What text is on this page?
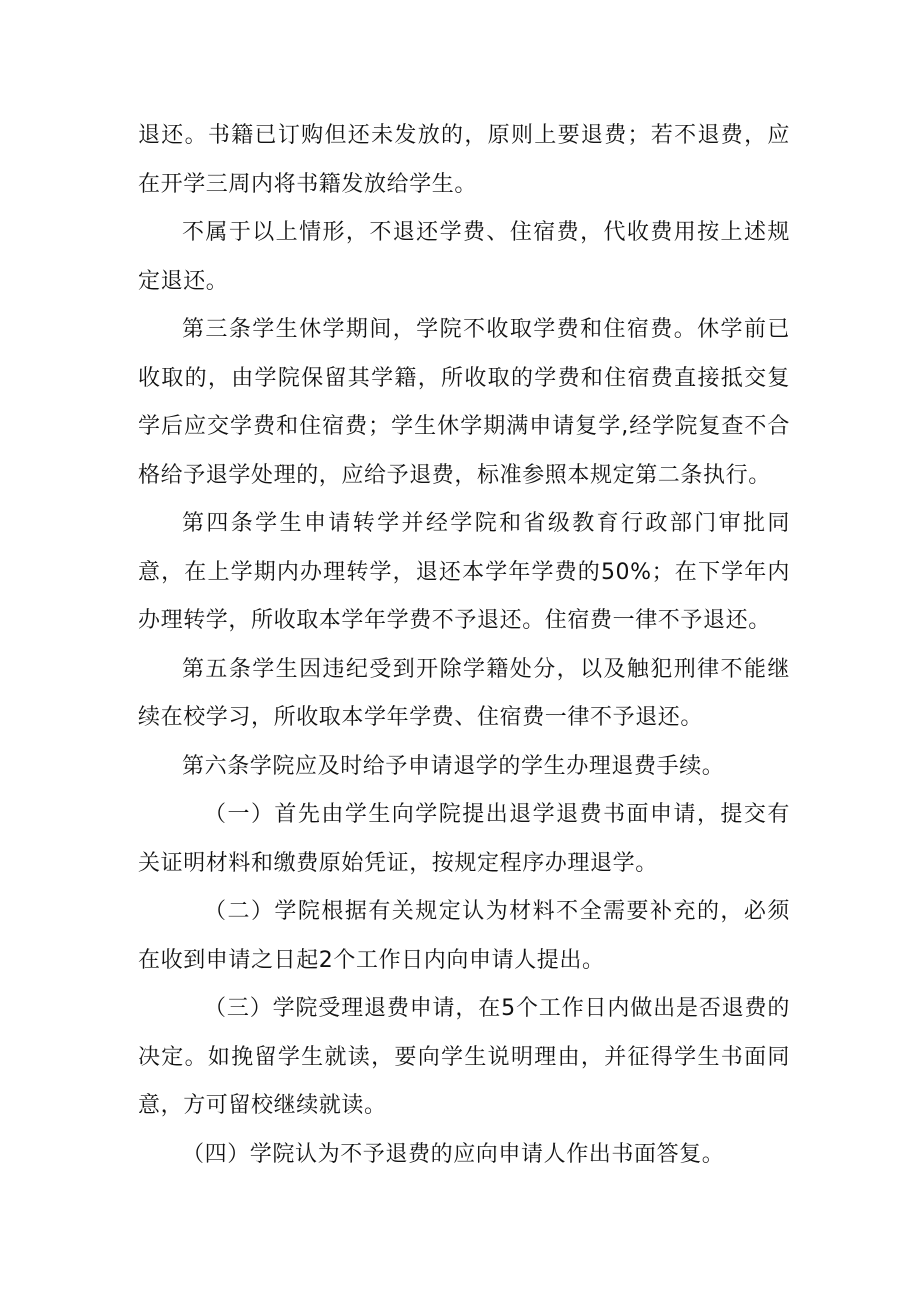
退还。书籍已订购但还未发放的，原则上要退费；若不退费，应在开学三周内将书籍发放给学生。

不属于以上情形，不退还学费、住宿费，代收费用按上述规定退还。

第三条学生休学期间，学院不收取学费和住宿费。休学前已收取的，由学院保留其学籍，所收取的学费和住宿费直接抵交复学后应交学费和住宿费；学生休学期满申请复学,经学院复查不合格给予退学处理的，应给予退费，标准参照本规定第二条执行。

第四条学生申请转学并经学院和省级教育行政部门审批同意，在上学期内办理转学，退还本学年学费的50%；在下学年内办理转学，所收取本学年学费不予退还。住宿费一律不予退还。

第五条学生因违纪受到开除学籍处分，以及触犯刑律不能继续在校学习，所收取本学年学费、住宿费一律不予退还。

第六条学院应及时给予申请退学的学生办理退费手续。

（一）首先由学生向学院提出退学退费书面申请，提交有关证明材料和缴费原始凭证，按规定程序办理退学。

（二）学院根据有关规定认为材料不全需要补充的，必须在收到申请之日起2个工作日内向申请人提出。

（三）学院受理退费申请，在5个工作日内做出是否退费的决定。如挽留学生就读，要向学生说明理由，并征得学生书面同意，方可留校继续就读。

（四）学院认为不予退费的应向申请人作出书面答复。
